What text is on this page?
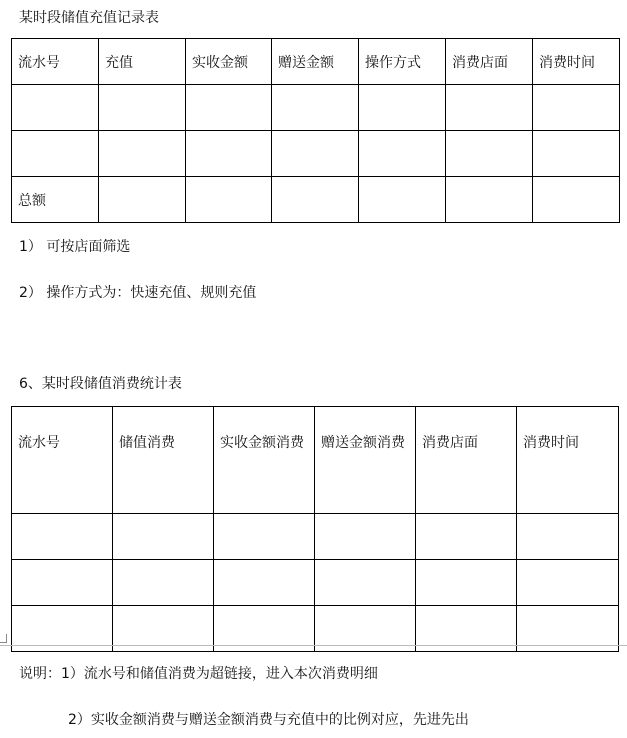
某时段储值充值记录表
流水号	充值	实收金额	赠送金额	操作方式	消费店面	消费时间

总额						
1） 可按店面筛选
2） 操作方式为：快速充值、规则充值
6、某时段储值消费统计表
流水号	储值消费	实收金额消费	赠送金额消费	消费店面	消费时间

说明：1）流水号和储值消费为超链接，进入本次消费明细
2）实收金额消费与赠送金额消费与充值中的比例对应，先进先出
